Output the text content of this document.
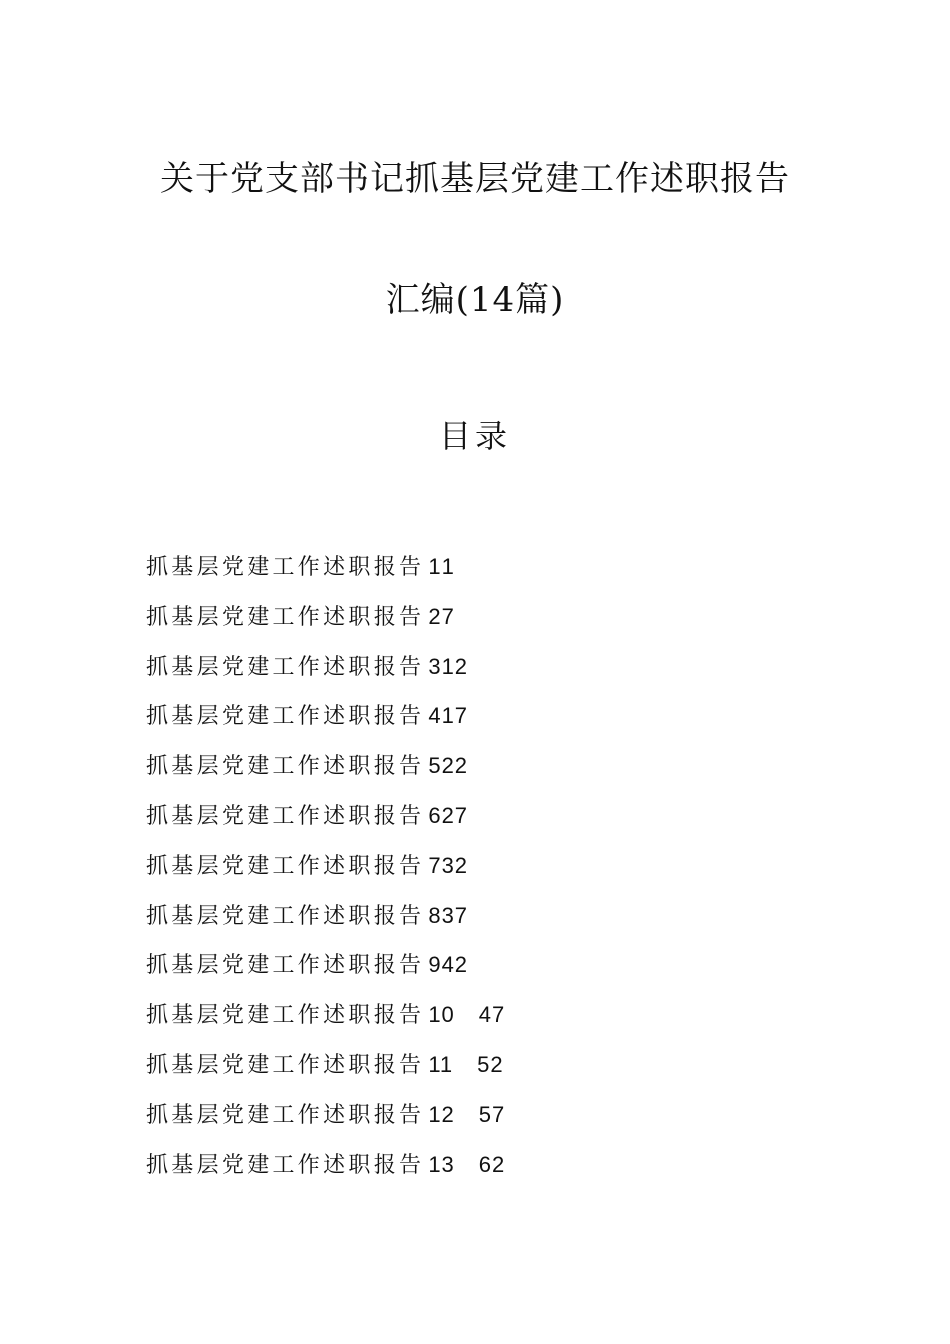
关于党支部书记抓基层党建工作述职报告
汇编(14篇)
目录
抓基层党建工作述职报告 1 1
抓基层党建工作述职报告 2 7
抓基层党建工作述职报告 3 12
抓基层党建工作述职报告 4 17
抓基层党建工作述职报告 5 22
抓基层党建工作述职报告 6 27
抓基层党建工作述职报告 7 32
抓基层党建工作述职报告 8 37
抓基层党建工作述职报告 9 42
抓基层党建工作述职报告 10 47
抓基层党建工作述职报告 11 52
抓基层党建工作述职报告 12 57
抓基层党建工作述职报告 13 62
